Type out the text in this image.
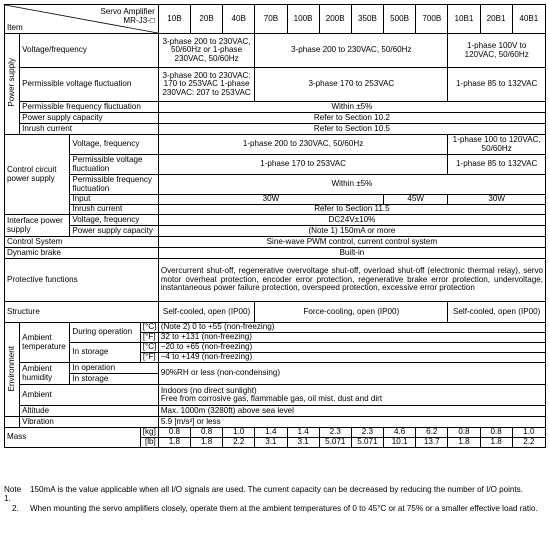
Servo Amplifier
MR-J3-□
Item				10B	20B	40B	70B	100B	200B	350B	500B	700B	10B1	20B1	40B1
Power supply	Voltage/frequency			3-phase 200 to 230VAC, 50/60Hz or 1-phase 230VAC, 50/60Hz			3-phase 200 to 230VAC, 50/60Hz						1-phase 100V to 120VAC, 50/60Hz		
	Permissible voltage fluctuation			3-phase 200 to 230VAC: 170 to 253VAC 1-phase 230VAC: 207 to 253VAC			3-phase 170 to 253VAC						1-phase 85 to 132VAC		
	Permissible frequency fluctuation			Within ±5%											
	Power supply capacity			Refer to Section 10.2											
	Inrush current			Refer to Section 10.5											
Control circuit power supply		Voltage, frequency		1-phase 200 to 230VAC, 50/60Hz									1-phase 100 to 120VAC, 50/60Hz		
		Permissible voltage fluctuation		1-phase 170 to 253VAC									1-phase 85 to 132VAC		
		Permissible frequency fluctuation		Within ±5%											
		Input		30W							45W		30W		
		Inrush current		Refer to Section 11.5											
Interface power supply		Voltage, frequency		DC24V±10%											
		Power supply capacity		(Note 1) 150mA or more											
Control System				Sine-wave PWM control, current control system											
Dynamic brake				Built-in											
Protective functions				Overcurrent shut-off, regenerative overvoltage shut-off, overload shut-off (electronic thermal relay), servo motor overheat protection, encoder error protection, regenerative brake error protection, undervoltage, instantaneous power failure protection, overspeed protection, excessive error protection											
Structure				Self-cooled, open (IP00)			Force-cooling, open (IP00)						Self-cooled, open (IP00)		
Environment	Ambient temperature	During operation	[°C]	(Note 2) 0 to +55 (non-freezing)											
			[°F]	32 to +131 (non-freezing)											
		In storage	[°C]	−20 to +65 (non-freezing)											
			[°F]	−4 to +149 (non-freezing)											
	Ambient humidity	In operation		90%RH or less (non-condensing)											
		In storage													
	Ambient			Indoors (no direct sunlight)
Free from corrosive gas, flammable gas, oil mist, dust and dirt											

	Altitude			Max. 1000m (3280ft) above sea level											
	Vibration			5.9 [m/s²] or less											
Mass			[kg]	0.8	0.8	1.0	1.4	1.4	2.3	2.3	4.6	6.2	0.8	0.8	1.0
			[lb]	1.8	1.8	2.2	3.1	3.1	5.071	5.071	10.1	13.7	1.8	1.8	2.2
Note 1.
150mA is the value applicable when all I/O signals are used. The current capacity can be decreased by reducing the number of I/O points.
2.	When mounting the servo amplifiers closely, operate them at the ambient temperatures of 0 to 45°C or at 75% or a smaller effective load ratio.
